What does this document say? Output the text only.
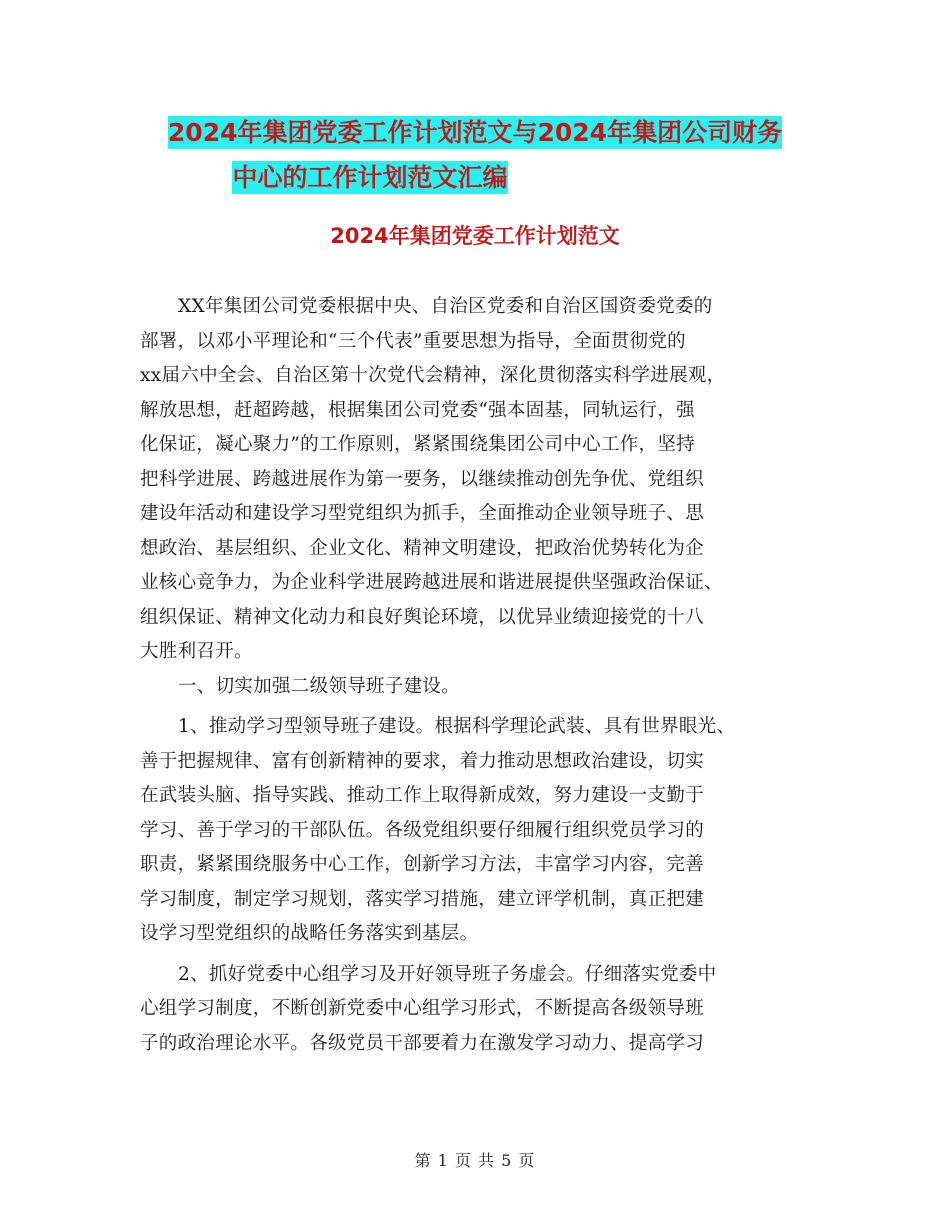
2024年集团党委工作计划范文与2024年集团公司财务
中心的工作计划范文汇编
2024年集团党委工作计划范文

XX年集团公司党委根据中央、自治区党委和自治区国资委党委的
部署，以邓小平理论和“三个代表”重要思想为指导，全面贯彻党的
xx届六中全会、自治区第十次党代会精神，深化贯彻落实科学进展观，
解放思想，赶超跨越，根据集团公司党委“强本固基，同轨运行，强
化保证，凝心聚力”的工作原则，紧紧围绕集团公司中心工作，坚持
把科学进展、跨越进展作为第一要务，以继续推动创先争优、党组织
建设年活动和建设学习型党组织为抓手，全面推动企业领导班子、思
想政治、基层组织、企业文化、精神文明建设，把政治优势转化为企
业核心竞争力，为企业科学进展跨越进展和谐进展提供坚强政治保证、
组织保证、精神文化动力和良好舆论环境，以优异业绩迎接党的十八
大胜利召开。

一、切实加强二级领导班子建设。

1、推动学习型领导班子建设。根据科学理论武装、具有世界眼光、
善于把握规律、富有创新精神的要求，着力推动思想政治建设，切实
在武装头脑、指导实践、推动工作上取得新成效，努力建设一支勤于
学习、善于学习的干部队伍。各级党组织要仔细履行组织党员学习的
职责，紧紧围绕服务中心工作，创新学习方法，丰富学习内容，完善
学习制度，制定学习规划，落实学习措施，建立评学机制，真正把建
设学习型党组织的战略任务落实到基层。

2、抓好党委中心组学习及开好领导班子务虚会。仔细落实党委中
心组学习制度，不断创新党委中心组学习形式，不断提高各级领导班
子的政治理论水平。各级党员干部要着力在激发学习动力、提高学习

第 1 页 共 5 页
